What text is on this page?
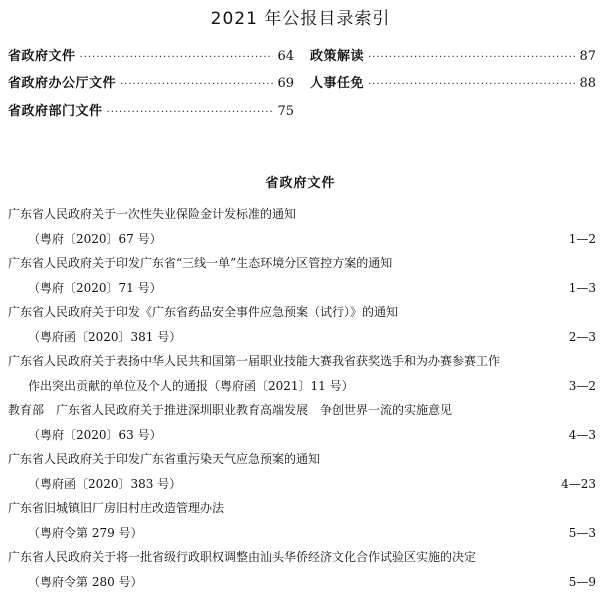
2021 年公报目录索引
省政府文件 ·····	64 政策解读 ·····	87
省政府办公厅文件 ·····	69 人事任免 ·····	88
省政府部门文件 ·····	75
省政府文件
广东省人民政府关于一次性失业保险金计发标准的通知
（粤府〔2020〕67 号）	1—2
广东省人民政府关于印发广东省“三线一单”生态环境分区管控方案的通知
（粤府〔2020〕71 号）	1—3
广东省人民政府关于印发《广东省药品安全事件应急预案（试行）》的通知
（粤府函〔2020〕381 号）	2—3
广东省人民政府关于表扬中华人民共和国第一届职业技能大赛我省获奖选手和为办赛参赛工作
作出突出贡献的单位及个人的通报（粤府函〔2021〕11 号）	3—2
教育部　广东省人民政府关于推进深圳职业教育高端发展　争创世界一流的实施意见
（粤府〔2020〕63 号）	4—3
广东省人民政府关于印发广东省重污染天气应急预案的通知
（粤府函〔2020〕383 号）	4—23
广东省旧城镇旧厂房旧村庄改造管理办法
（粤府令第 279 号）	5—3
广东省人民政府关于将一批省级行政职权调整由汕头华侨经济文化合作试验区实施的决定
（粤府令第 280 号）	5—9
